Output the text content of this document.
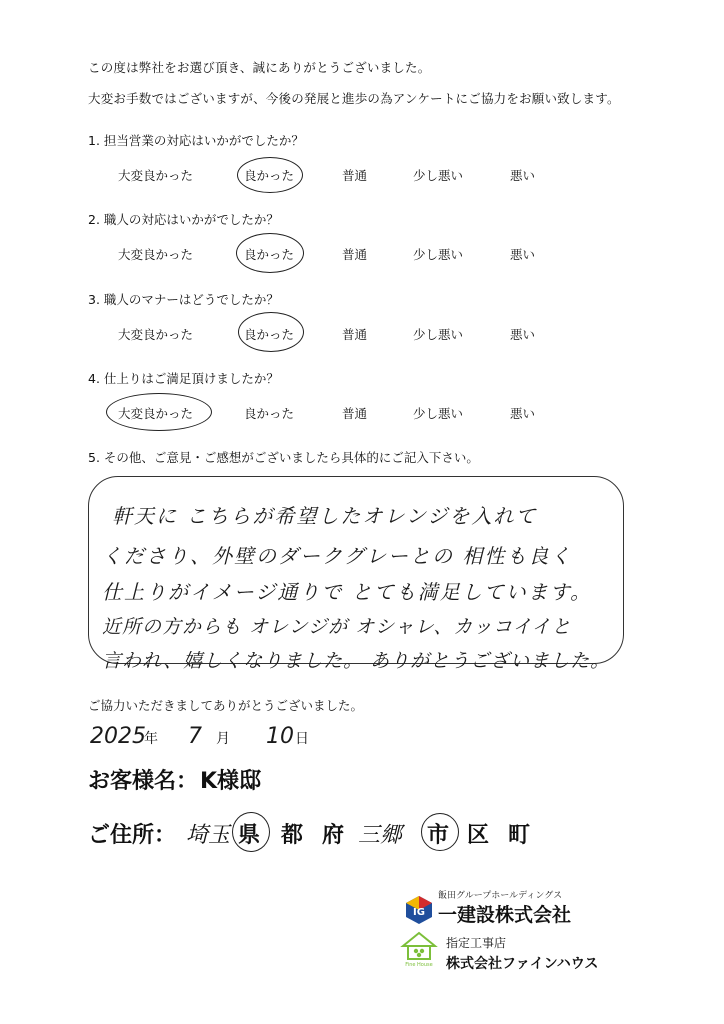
この度は弊社をお選び頂き、誠にありがとうございました。
大変お手数ではございますが、今後の発展と進歩の為アンケートにご協力をお願い致します。
1. 担当営業の対応はいかがでしたか？
大変良かった	良かった	普通	少し悪い	悪い
2. 職人の対応はいかがでしたか？
大変良かった	良かった	普通	少し悪い	悪い
3. 職人のマナーはどうでしたか？
大変良かった	良かった	普通	少し悪い	悪い
4. 仕上りはご満足頂けましたか？
大変良かった	良かった	普通	少し悪い	悪い
5. その他、ご意見・ご感想がございましたら具体的にご記入下さい。
軒天に こちらが希望したオレンジを入れて
くださり、外壁のダークグレーとの 相性も良く
仕上りがイメージ通りで とても満足しています。
近所の方からも オレンジが オシャレ、カッコイイと
言われ、嬉しくなりました。 ありがとうございました。
ご協力いただきましてありがとうございました。
2025
年 7 月 10 日
お客様名： K様邸
ご住所： 埼玉 県 都 府 三郷 市 区 町
IG
飯田グループホールディングス
一建設株式会社
Fine House
指定工事店
株式会社ファインハウス
